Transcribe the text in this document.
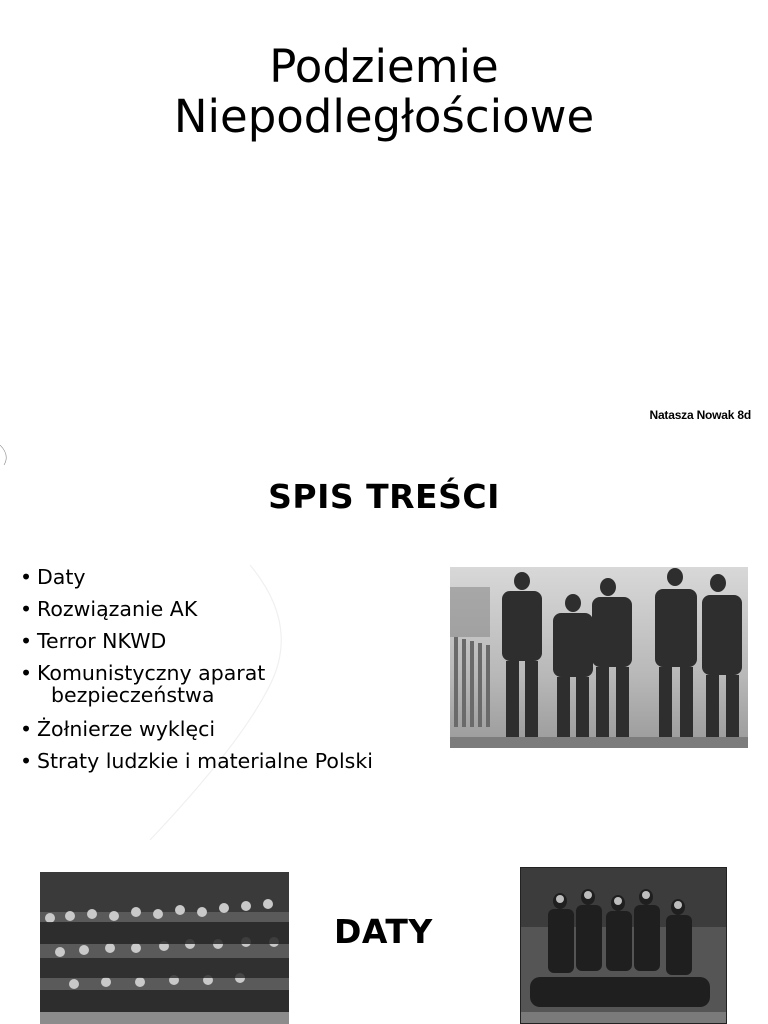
Podziemie
Niepodległościowe
Natasza Nowak 8d
SPIS TREŚCI
• Daty
• Rozwiązanie AK
• Terror NKWD
• Komunistyczny aparat
bezpieczeństwa
• Żołnierze wyklęci
• Straty ludzkie i materialne Polski
DATY
